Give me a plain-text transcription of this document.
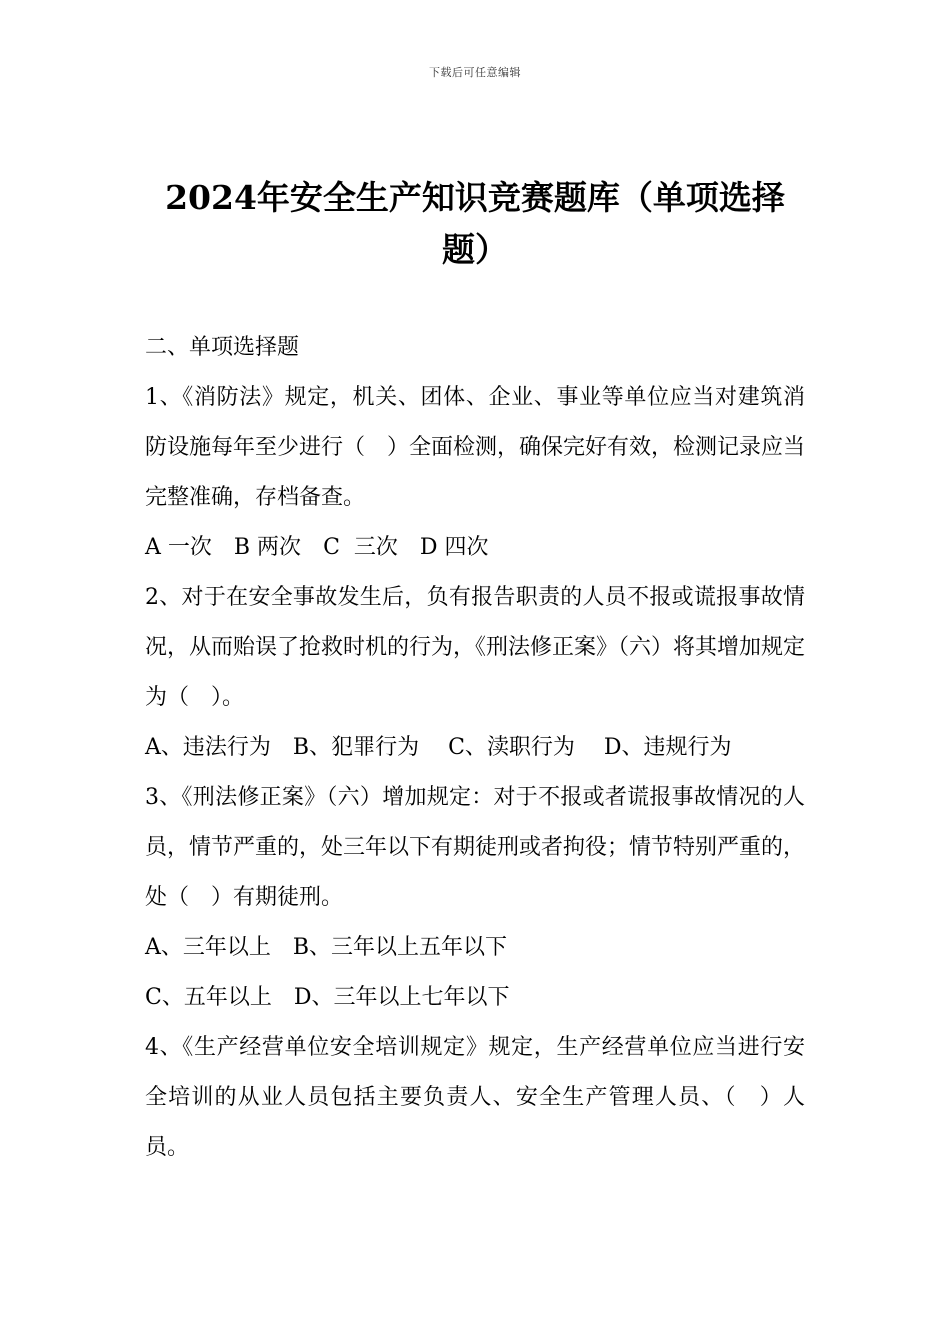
下载后可任意编辑
2024年安全生产知识竞赛题库（单项选择题）

二、单项选择题

1、《消防法》规定，机关、团体、企业、事业等单位应当对建筑消防设施每年至少进行（　）全面检测，确保完好有效，检测记录应当完整准确，存档备查。

A 一次 B 两次 C  三次 D 四次

2、对于在安全事故发生后，负有报告职责的人员不报或谎报事故情况，从而贻误了抢救时机的行为，《刑法修正案》（六）将其增加规定为（　）。

A、违法行为　 B、犯罪行为　 C、渎职行为　 D、违规行为

3、《刑法修正案》（六）增加规定：对于不报或者谎报事故情况的人员，情节严重的，处三年以下有期徒刑或者拘役；情节特别严重的，处（　）有期徒刑。

A、三年以上 B、三年以上五年以下

C、五年以上 D、三年以上七年以下

4、《生产经营单位安全培训规定》规定，生产经营单位应当进行安全培训的从业人员包括主要负责人、安全生产管理人员、（　）人员。
